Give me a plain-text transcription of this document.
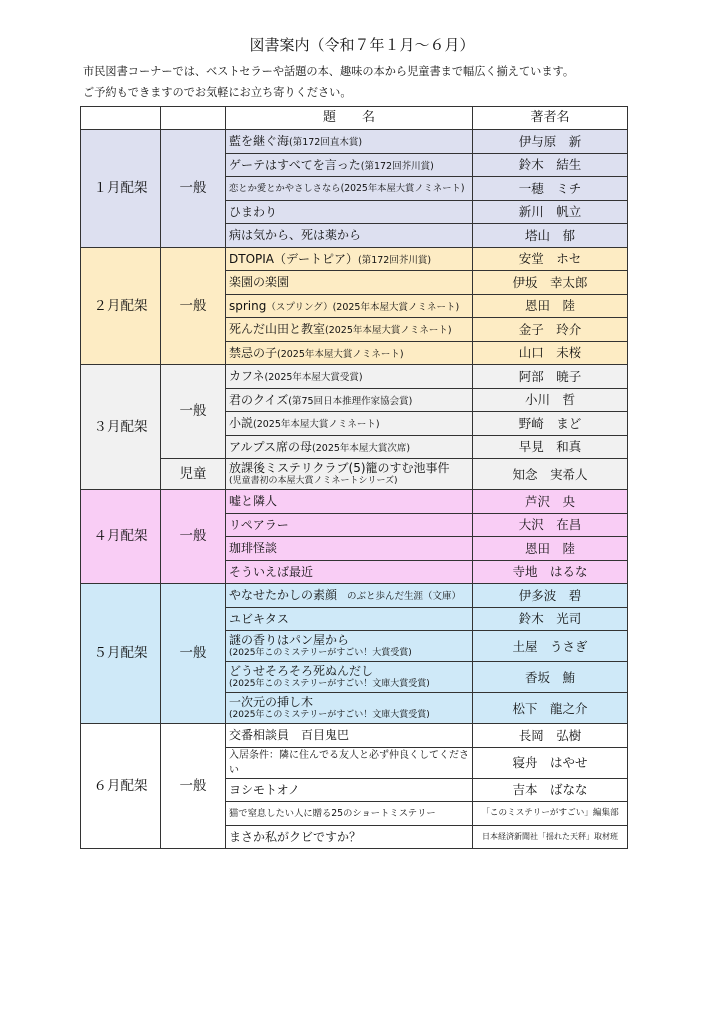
図書案内（令和７年１月～６月）
市民図書コーナーでは、ベストセラーや話題の本、趣味の本から児童書まで幅広く揃えています。
ご予約もできますのでお気軽にお立ち寄りください。
		題　　名	著者名
１月配架	一般	藍を継ぐ海(第172回直木賞)	伊与原　新
		ゲーテはすべてを言った(第172回芥川賞)	鈴木　結生
		恋とか愛とかやさしさなら(2025年本屋大賞ノミネート)	一穂　ミチ
		ひまわり	新川　帆立
		病は気から、死は薬から	塔山　郁
２月配架	一般	DTOPIA（デートピア）(第172回芥川賞)	安堂　ホセ
		楽園の楽園	伊坂　幸太郎
		spring（スプリング）(2025年本屋大賞ノミネート)	恩田　陸
		死んだ山田と教室(2025年本屋大賞ノミネート)	金子　玲介
		禁忌の子(2025年本屋大賞ノミネート)	山口　未桜
３月配架	一般	カフネ(2025年本屋大賞受賞)	阿部　暁子
		君のクイズ(第75回日本推理作家協会賞)	小川　哲
		小説(2025年本屋大賞ノミネート)	野崎　まど
		アルプス席の母(2025年本屋大賞次席)	早見　和真
	児童	放課後ミステリクラブ(5)籠のすむ池事件
(児童書初の本屋大賞ノミネートシリーズ)	知念　実希人
４月配架	一般	嘘と隣人	芦沢　央
		リペアラー	大沢　在昌
		珈琲怪談	恩田　陸
		そういえば最近	寺地　はるな
５月配架	一般	やなせたかしの素顔 のぶと歩んだ生涯（文庫）	伊多波　碧
		ユビキタス	鈴木　光司
		謎の香りはパン屋から
(2025年このミステリーがすごい！大賞受賞)	土屋　うさぎ
		どうせそろそろ死ぬんだし
(2025年このミステリーがすごい！文庫大賞受賞)	香坂　鮪
		一次元の挿し木
(2025年このミステリーがすごい！文庫大賞受賞)	松下　龍之介
６月配架	一般	交番相談員　百目鬼巴	長岡　弘樹
		入居条件：隣に住んでる友人と必ず仲良くしてください	寝舟　はやせ
		ヨシモトオノ	吉本　ばなな
		猫で窒息したい人に贈る25のショートミステリー	「このミステリーがすごい」編集部
		まさか私がクビですか？	日本経済新聞社「揺れた天秤」取材班
